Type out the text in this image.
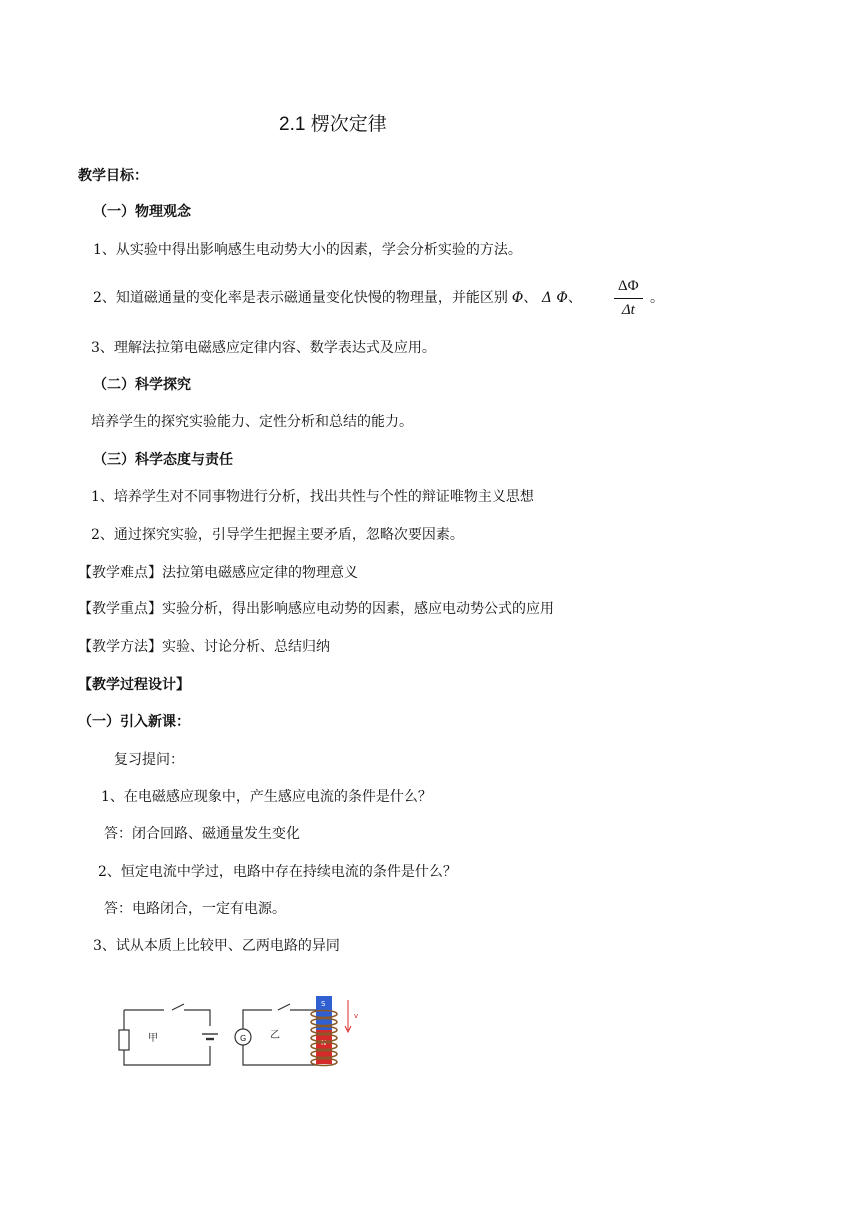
2.1 楞次定律
教学目标：
（一）物理观念
1、从实验中得出影响感生电动势大小的因素，学会分析实验的方法。
2、知道磁通量的变化率是表示磁通量变化快慢的物理量，并能区别 Φ、 Δ Φ、
ΔΦ
Δt
。
3、理解法拉第电磁感应定律内容、数学表达式及应用。
（二）科学探究
培养学生的探究实验能力、定性分析和总结的能力。
（三）科学态度与责任
1、培养学生对不同事物进行分析，找出共性与个性的辩证唯物主义思想
2、通过探究实验，引导学生把握主要矛盾，忽略次要因素。
【教学难点】法拉第电磁感应定律的物理意义
【教学重点】实验分析，得出影响感应电动势的因素，感应电动势公式的应用
【教学方法】实验、讨论分析、总结归纳
【教学过程设计】
（一）引入新课：
复习提问：
1、在电磁感应现象中，产生感应电流的条件是什么？
答：闭合回路、磁通量发生变化
2、恒定电流中学过，电路中存在持续电流的条件是什么？
答：电路闭合，一定有电源。
3、试从本质上比较甲、乙两电路的异同
甲	G 乙
S
N
v
